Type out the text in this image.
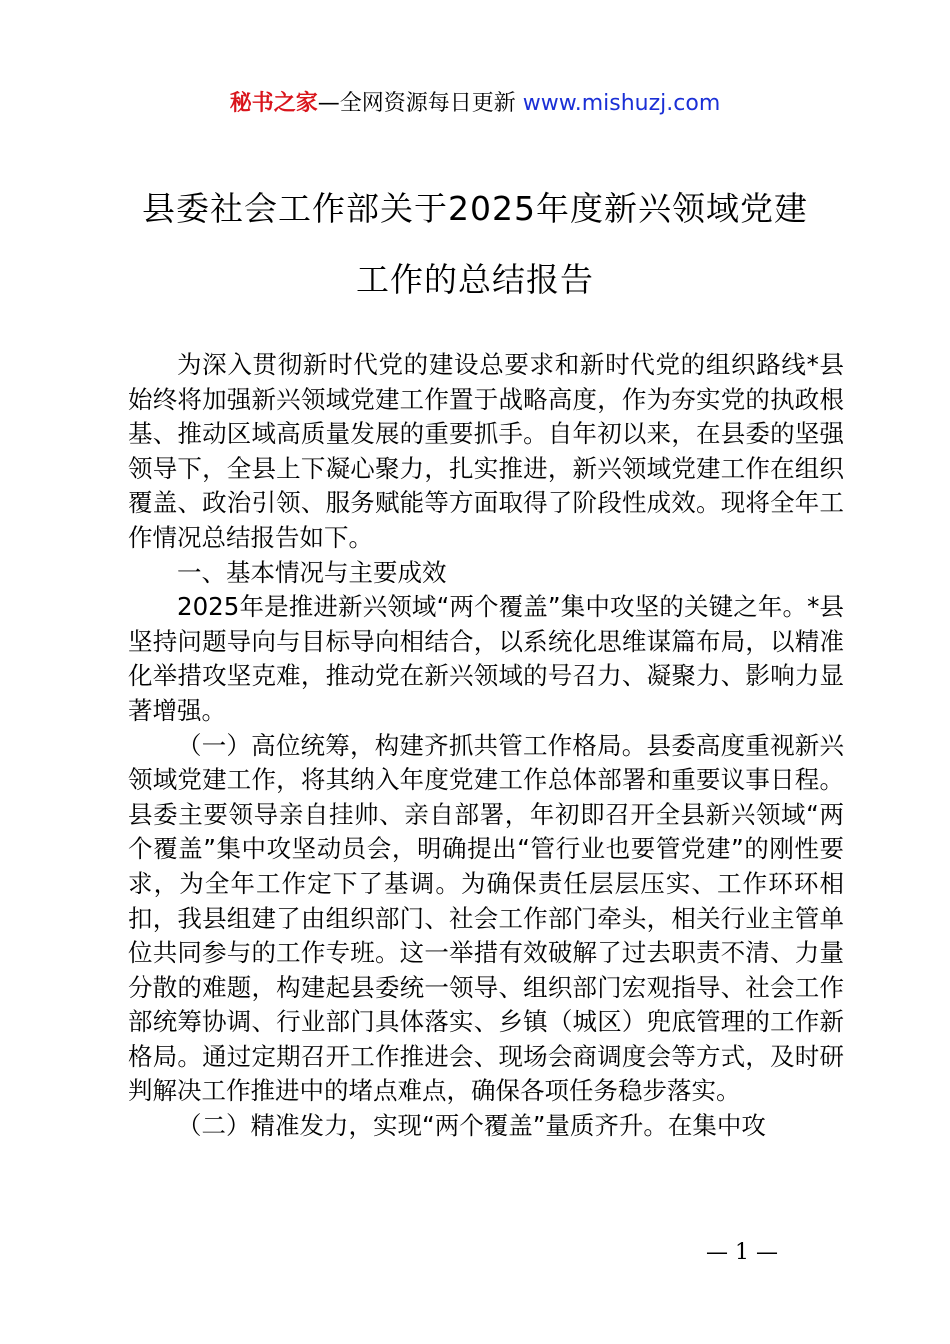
秘书之家—全网资源每日更新 www.mishuzj.com
县委社会工作部关于2025年度新兴领域党建
工作的总结报告

为深入贯彻新时代党的建设总要求和新时代党的组织路线*县始终将加强新兴领域党建工作置于战略高度，作为夯实党的执政根基、推动区域高质量发展的重要抓手。自年初以来，在县委的坚强领导下，全县上下凝心聚力，扎实推进，新兴领域党建工作在组织覆盖、政治引领、服务赋能等方面取得了阶段性成效。现将全年工作情况总结报告如下。

一、基本情况与主要成效

2025年是推进新兴领域“两个覆盖”集中攻坚的关键之年。*县坚持问题导向与目标导向相结合，以系统化思维谋篇布局，以精准化举措攻坚克难，推动党在新兴领域的号召力、凝聚力、影响力显著增强。

（一）高位统筹，构建齐抓共管工作格局。县委高度重视新兴领域党建工作，将其纳入年度党建工作总体部署和重要议事日程。县委主要领导亲自挂帅、亲自部署，年初即召开全县新兴领域“两个覆盖”集中攻坚动员会，明确提出“管行业也要管党建”的刚性要求，为全年工作定下了基调。为确保责任层层压实、工作环环相扣，我县组建了由组织部门、社会工作部门牵头，相关行业主管单位共同参与的工作专班。这一举措有效破解了过去职责不清、力量分散的难题，构建起县委统一领导、组织部门宏观指导、社会工作部统筹协调、行业部门具体落实、乡镇（城区）兜底管理的工作新格局。通过定期召开工作推进会、现场会商调度会等方式，及时研判解决工作推进中的堵点难点，确保各项任务稳步落实。

（二）精准发力，实现“两个覆盖”量质齐升。在集中攻

— 1 —
